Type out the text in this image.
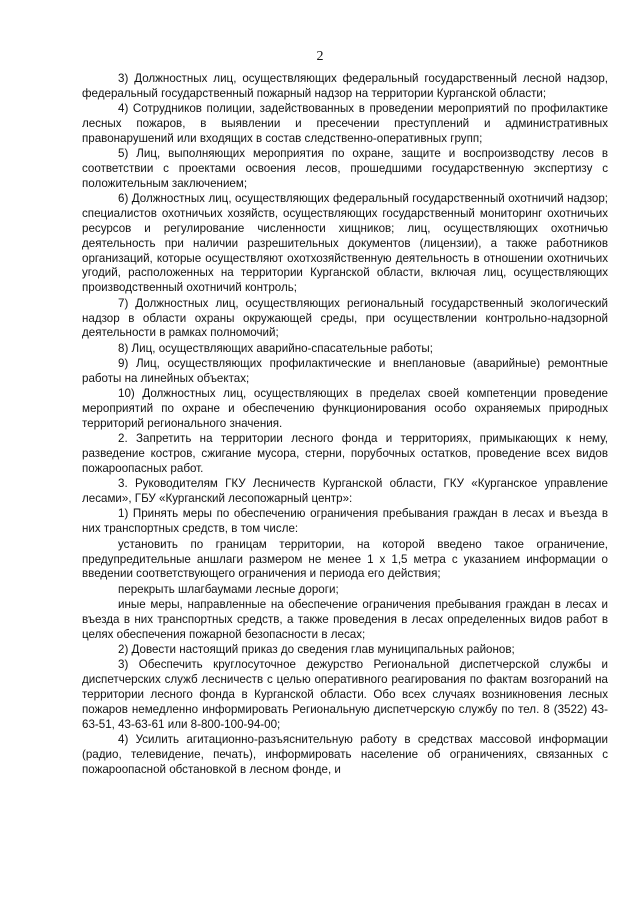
2

3) Должностных лиц, осуществляющих федеральный государственный лесной надзор, федеральный государственный пожарный надзор на территории Курганской области;

4) Сотрудников полиции, задействованных в проведении мероприятий по профилактике лесных пожаров, в выявлении и пресечении преступлений и административных правонарушений или входящих в состав следственно-оперативных групп;

5) Лиц, выполняющих мероприятия по охране, защите и воспроизводству лесов в соответствии с проектами освоения лесов, прошедшими государственную экспертизу с положительным заключением;

6) Должностных лиц, осуществляющих федеральный государственный охотничий надзор; специалистов охотничьих хозяйств, осуществляющих государственный мониторинг охотничьих ресурсов и регулирование численности хищников; лиц, осуществляющих охотничью деятельность при наличии разрешительных документов (лицензии), а также работников организаций, которые осуществляют охотхозяйственную деятельность в отношении охотничьих угодий, расположенных на территории Курганской области, включая лиц, осуществляющих производственный охотничий контроль;

7) Должностных лиц, осуществляющих региональный государственный экологический надзор в области охраны окружающей среды, при осуществлении контрольно-надзорной деятельности в рамках полномочий;

8) Лиц, осуществляющих аварийно-спасательные работы;

9) Лиц, осуществляющих профилактические и внеплановые (аварийные) ремонтные работы на линейных объектах;

10) Должностных лиц, осуществляющих в пределах своей компетенции проведение мероприятий по охране и обеспечению функционирования особо охраняемых природных территорий регионального значения.

2. Запретить на территории лесного фонда и территориях, примыкающих к нему, разведение костров, сжигание мусора, стерни, порубочных остатков, проведение всех видов пожароопасных работ.

3. Руководителям ГКУ Лесничеств Курганской области, ГКУ «Курганское управление лесами», ГБУ «Курганский лесопожарный центр»:

1) Принять меры по обеспечению ограничения пребывания граждан в лесах и въезда в них транспортных средств, в том числе:

установить по границам территории, на которой введено такое ограничение, предупредительные аншлаги размером не менее 1 х 1,5 метра с указанием информации о введении соответствующего ограничения и периода его действия;

перекрыть шлагбаумами лесные дороги;

иные меры, направленные на обеспечение ограничения пребывания граждан в лесах и въезда в них транспортных средств, а также проведения в лесах определенных видов работ в целях обеспечения пожарной безопасности в лесах;

2) Довести настоящий приказ до сведения глав муниципальных районов;

3) Обеспечить круглосуточное дежурство Региональной диспетчерской службы и диспетчерских служб лесничеств с целью оперативного реагирования по фактам возгораний на территории лесного фонда в Курганской области. Обо всех случаях возникновения лесных пожаров немедленно информировать Региональную диспетчерскую службу по тел. 8 (3522) 43-63-51, 43-63-61 или 8-800-100-94-00;

4) Усилить агитационно-разъяснительную работу в средствах массовой информации (радио, телевидение, печать), информировать население об ограничениях, связанных с пожароопасной обстановкой в лесном фонде, и
